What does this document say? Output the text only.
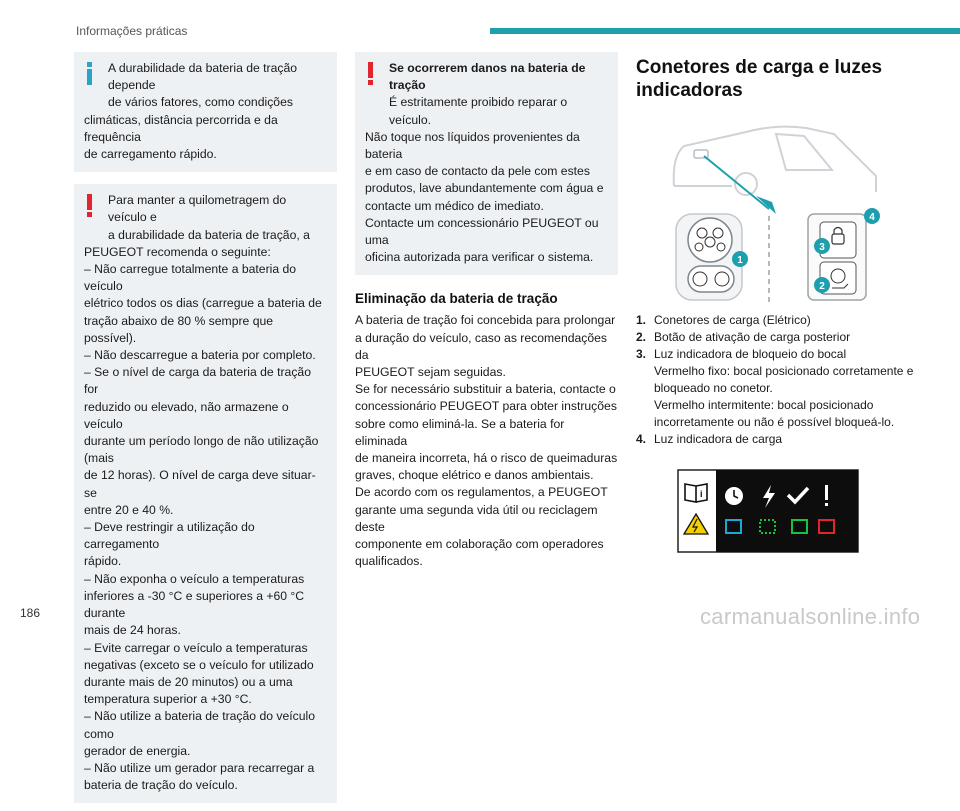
Informações práticas

A durabilidade da bateria de tração depende

de vários fatores, como condições

climáticas, distância percorrida e da frequência

de carregamento rápido.

Para manter a quilometragem do veículo e

a durabilidade da bateria de tração, a

PEUGEOT recomenda o seguinte:

– Não carregue totalmente a bateria do veículo

elétrico todos os dias (carregue a bateria de

tração abaixo de 80 % sempre que possível).

– Não descarregue a bateria por completo.

– Se o nível de carga da bateria de tração for

reduzido ou elevado, não armazene o veículo

durante um período longo de não utilização (mais

de 12 horas). O nível de carga deve situar-se

entre 20 e 40 %.

– Deve restringir a utilização do carregamento

rápido.

– Não exponha o veículo a temperaturas

inferiores a -30 °C e superiores a +60 °C durante

mais de 24 horas.

– Evite carregar o veículo a temperaturas

negativas (exceto se o veículo for utilizado

durante mais de 20 minutos) ou a uma

temperatura superior a +30 °C.

– Não utilize a bateria de tração do veículo como

gerador de energia.

– Não utilize um gerador para recarregar a

bateria de tração do veículo.

Se ocorrerem danos na bateria de tração

É estritamente proibido reparar o veículo.

Não toque nos líquidos provenientes da bateria

e em caso de contacto da pele com estes

produtos, lave abundantemente com água e

contacte um médico de imediato.

Contacte um concessionário PEUGEOT ou uma

oficina autorizada para verificar o sistema.

Eliminação da bateria de tração

A bateria de tração foi concebida para prolongar

a duração do veículo, caso as recomendações da

PEUGEOT sejam seguidas.

Se for necessário substituir a bateria, contacte o

concessionário PEUGEOT para obter instruções

sobre como eliminá-la. Se a bateria for eliminada

de maneira incorreta, há o risco de queimaduras

graves, choque elétrico e danos ambientais.

De acordo com os regulamentos, a PEUGEOT

garante uma segunda vida útil ou reciclagem deste

componente em colaboração com operadores

qualificados.

Conetores de carga e luzes
indicadoras
1
4
3
2
1. Conetores de carga (Elétrico)
2. Botão de ativação de carga posterior
3. Luz indicadora de bloqueio do bocal
Vermelho fixo: bocal posicionado corretamente e
bloqueado no conetor.
Vermelho intermitente: bocal posicionado
incorretamente ou não é possível bloqueá-lo.
4. Luz indicadora de carga
i
186	carmanualsonline.info
